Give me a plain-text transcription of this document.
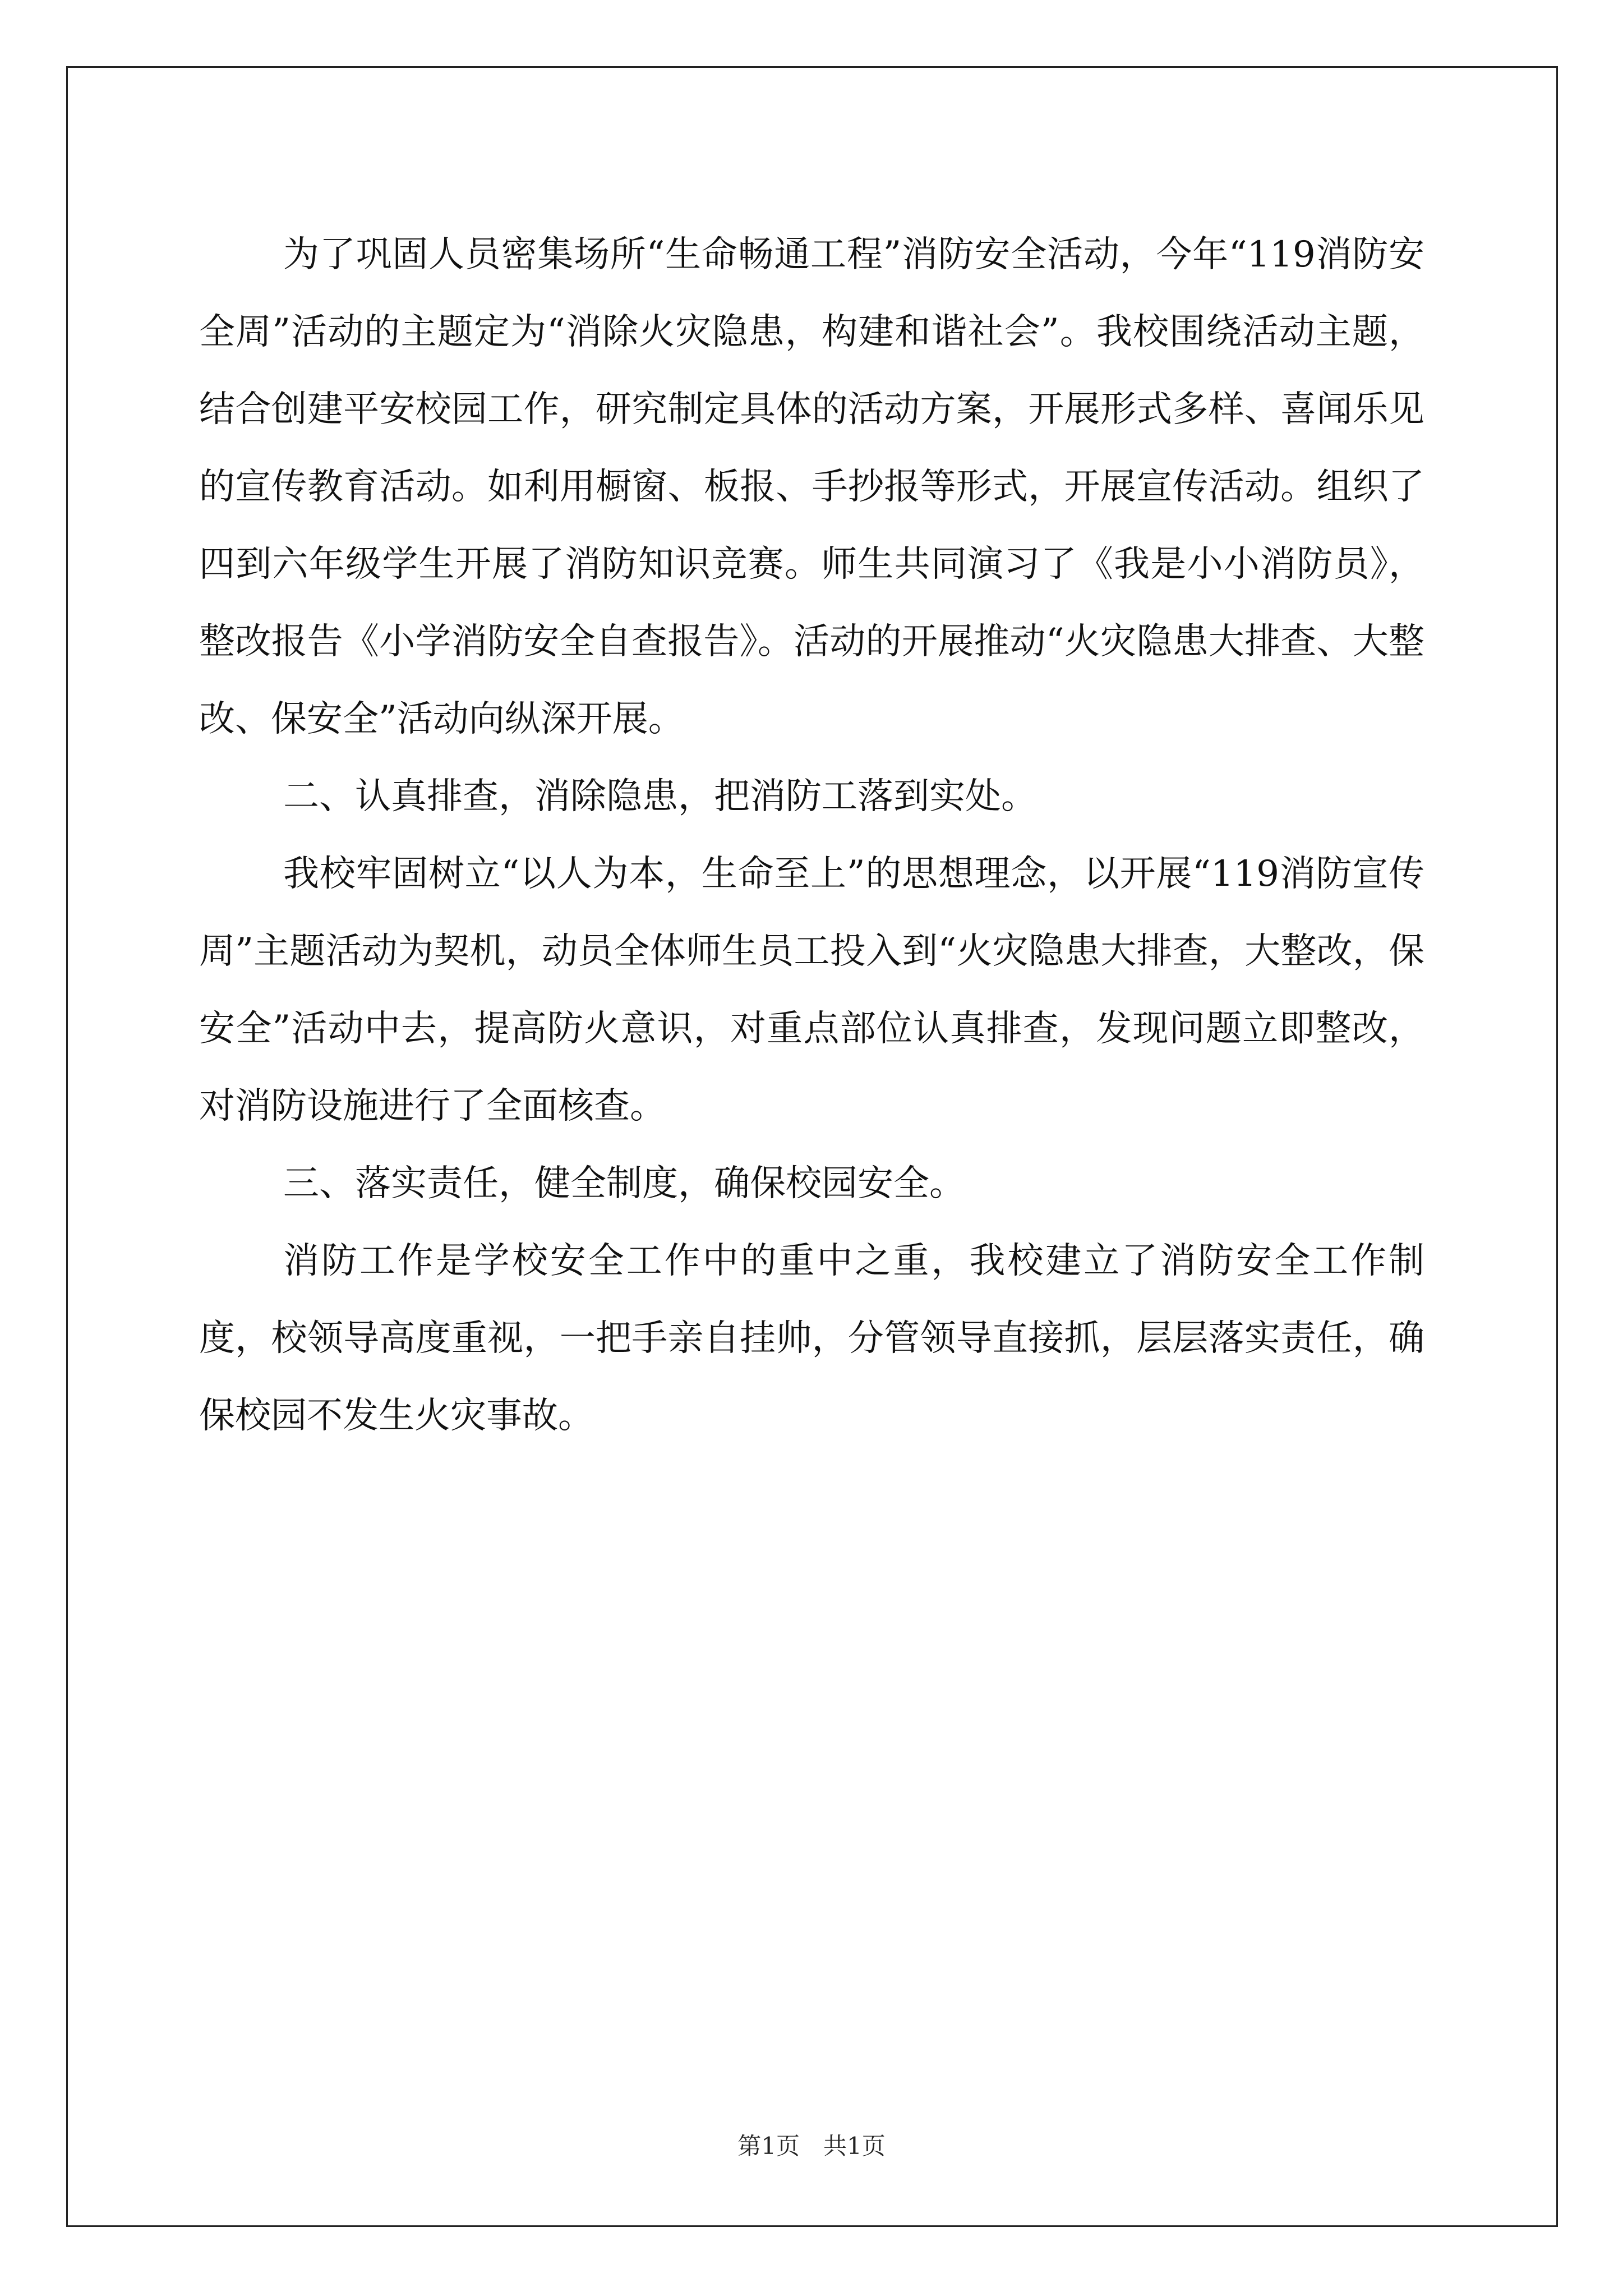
为了巩固人员密集场所“生命畅通工程”消防安全活动，今年“119消防安全周”活动的主题定为“消除火灾隐患，构建和谐社会”。我校围绕活动主题，结合创建平安校园工作，研究制定具体的活动方案，开展形式多样、喜闻乐见的宣传教育活动。如利用橱窗、板报、手抄报等形式，开展宣传活动。组织了四到六年级学生开展了消防知识竞赛。师生共同演习了《我是小小消防员》，整改报告《小学消防安全自查报告》。活动的开展推动“火灾隐患大排查、大整改、保安全”活动向纵深开展。

二、认真排查，消除隐患，把消防工落到实处。

我校牢固树立“以人为本，生命至上”的思想理念，以开展“119消防宣传周”主题活动为契机，动员全体师生员工投入到“火灾隐患大排查，大整改，保安全”活动中去，提高防火意识，对重点部位认真排查，发现问题立即整改，对消防设施进行了全面核查。

三、落实责任，健全制度，确保校园安全。

消防工作是学校安全工作中的重中之重，我校建立了消防安全工作制度，校领导高度重视，一把手亲自挂帅，分管领导直接抓，层层落实责任，确保校园不发生火灾事故。

第1页 共1页
